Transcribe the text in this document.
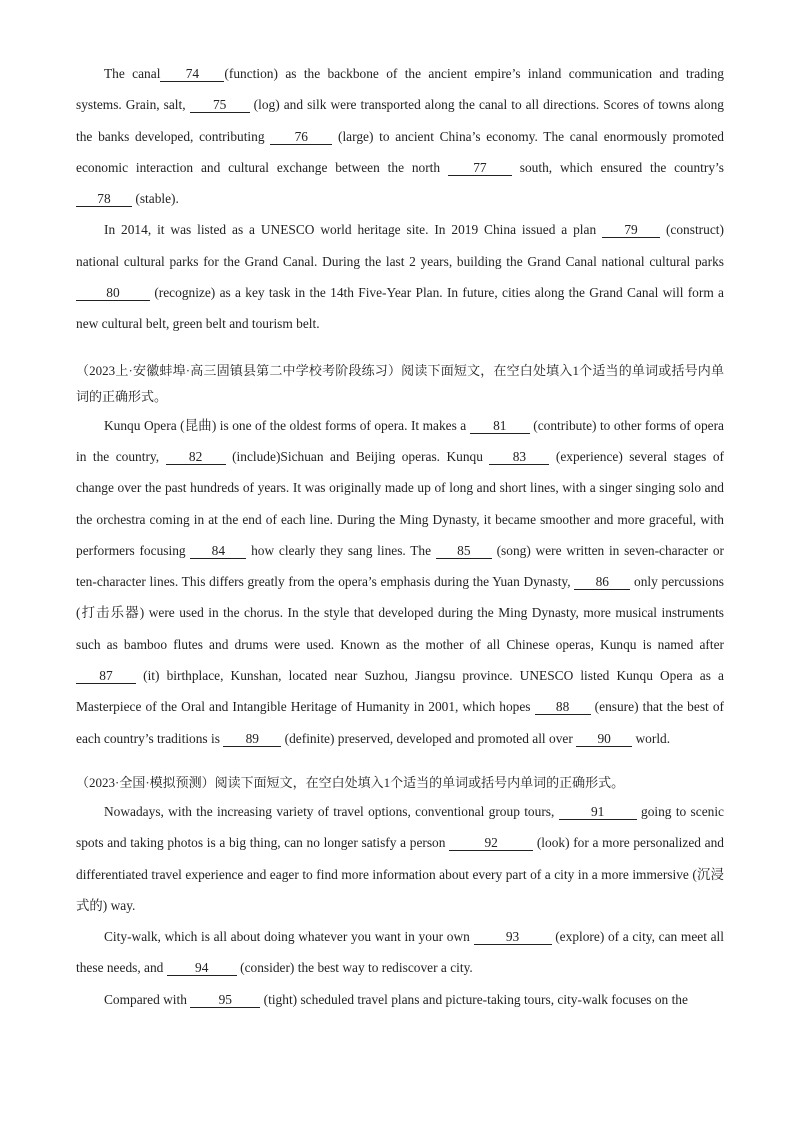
The canal 74 (function) as the backbone of the ancient empire’s inland communication and trading systems. Grain, salt, 75 (log) and silk were transported along the canal to all directions. Scores of towns along the banks developed, contributing 76 (large) to ancient China’s economy. The canal enormously promoted economic interaction and cultural exchange between the north 77 south, which ensured the country’s 78 (stable).

In 2014, it was listed as a UNESCO world heritage site. In 2019 China issued a plan 79 (construct) national cultural parks for the Grand Canal. During the last 2 years, building the Grand Canal national cultural parks 80	(recognize) as a key task in the 14th Five-Year Plan. In future, cities along the Grand Canal will form a new cultural belt, green belt and tourism belt.

（2023上·安徽蚌埠·高三固镇县第二中学校考阶段练习）阅读下面短文，在空白处填入1个适当的单词或括号内单词的正确形式。

Kunqu Opera (昆曲) is one of the oldest forms of opera. It makes a 81 (contribute) to other forms of opera in the country, 82 (include)Sichuan and Beijing operas. Kunqu 83 (experience) several stages of change over the past hundreds of years. It was originally made up of long and short lines, with a singer singing solo and the orchestra coming in at the end of each line. During the Ming Dynasty, it became smoother and more graceful, with performers focusing 84 how clearly they sang lines. The 85 (song) were written in seven-character or ten-character lines. This differs greatly from the opera’s emphasis during the Yuan Dynasty, 86 only percussions (打击乐器) were used in the chorus. In the style that developed during the Ming Dynasty, more musical instruments such as bamboo flutes and drums were used. Known as the mother of all Chinese operas, Kunqu is named after 87 (it) birthplace, Kunshan, located near Suzhou, Jiangsu province. UNESCO listed Kunqu Opera as a Masterpiece of the Oral and Intangible Heritage of Humanity in 2001, which hopes 88 (ensure) that the best of each country’s traditions is 89 (definite) preserved, developed and promoted all over 90 world.

（2023·全国·模拟预测）阅读下面短文，在空白处填入1个适当的单词或括号内单词的正确形式。

Nowadays, with the increasing variety of travel options, conventional group tours,	91	going to scenic spots and taking photos is a big thing, can no longer satisfy a person	92	(look) for a more personalized and differentiated travel experience and eager to find more information about every part of a city in a more immersive (沉浸式的) way.

City-walk, which is all about doing whatever you want in your own	93	(explore) of a city, can meet all these needs, and 94 (consider) the best way to rediscover a city.

Compared with 95 (tight) scheduled travel plans and picture-taking tours, city-walk focuses on the
